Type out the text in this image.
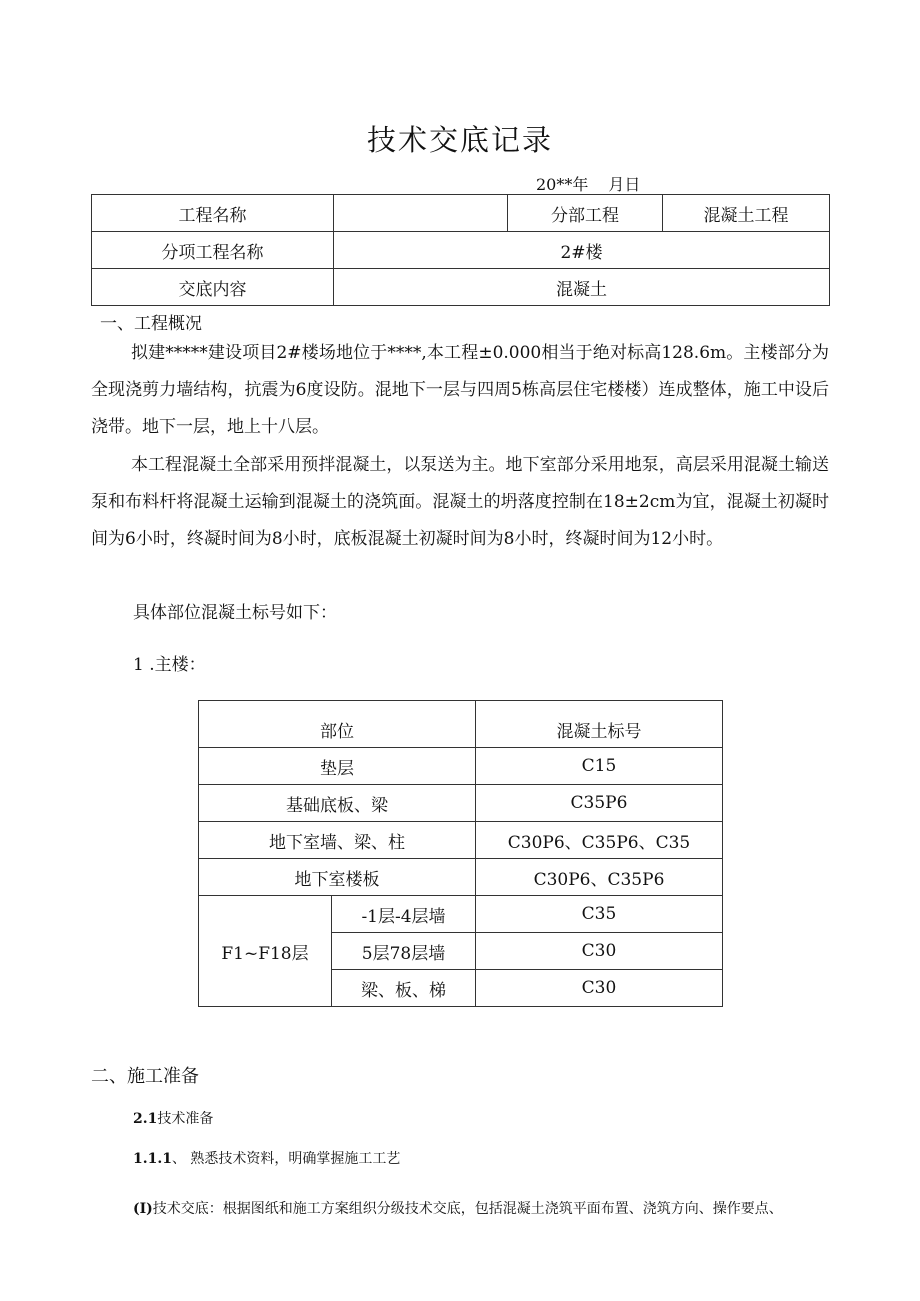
技术交底记录
20**年 月日
工程名称		分部工程	混凝土工程
分项工程名称	2#楼		
交底内容	混凝土		
一、工程概况
拟建*****建设项目2#楼场地位于****,本工程±0.000相当于绝对标高128.6m。主楼部分为全现浇剪力墙结构，抗震为6度设防。混地下一层与四周5栋高层住宅楼楼）连成整体，施工中设后浇带。地下一层，地上十八层。
本工程混凝土全部采用预拌混凝土，以泵送为主。地下室部分采用地泵，高层采用混凝土输送泵和布料杆将混凝土运输到混凝土的浇筑面。混凝土的坍落度控制在18±2cm为宜，混凝土初凝时间为6小时，终凝时间为8小时，底板混凝土初凝时间为8小时，终凝时间为12小时。
具体部位混凝土标号如下：
1 .主楼：
部位		混凝土标号
垫层		C15
基础底板、梁		C35P6
地下室墙、梁、柱		C30P6、C35P6、C35
地下室楼板		C30P6、C35P6
F1~F18层	-1层-4层墙	C35
	5层78层墙	C30
	梁、板、梯	C30
二、施工准备
2.1技术准备
1.1.1、 熟悉技术资料，明确掌握施工工艺
(I)技术交底：根据图纸和施工方案组织分级技术交底，包括混凝土浇筑平面布置、浇筑方向、操作要点、
